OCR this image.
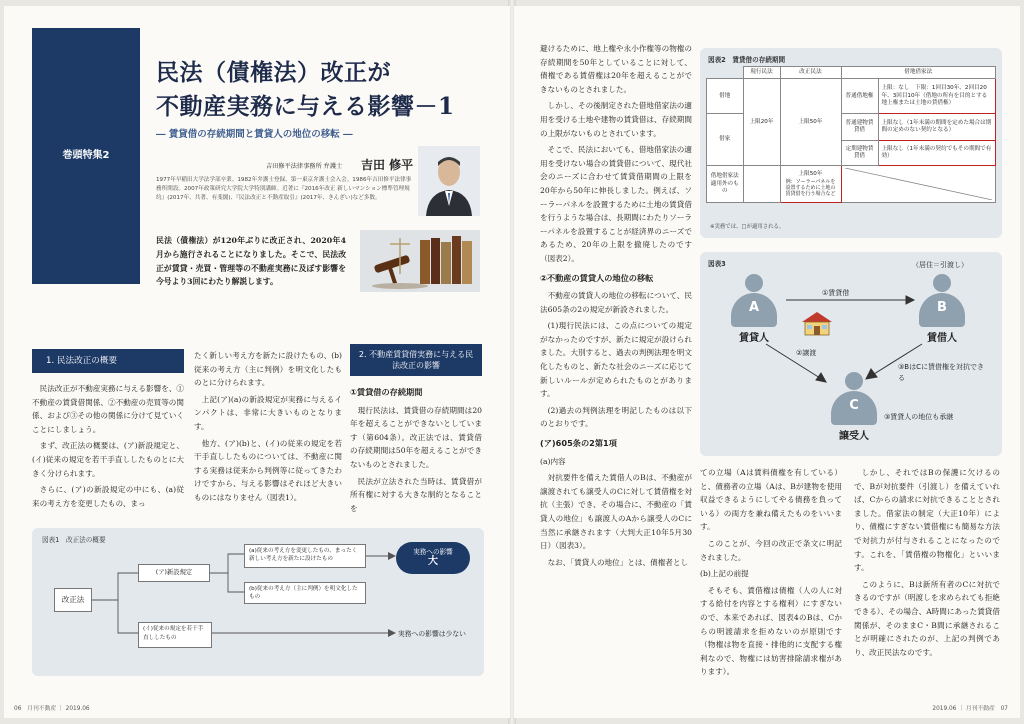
巻頭特集2
民法（債権法）改正が
不動産実務に与える影響－1
― 賃貸借の存続期間と賃貸人の地位の移転 ―
吉田修平法律事務所 弁護士 吉田 修平
1977年早稲田大学法学部卒業。1982年弁護士登録、第一東京弁護士会入会。1986年吉田修平法律事務所開設。2007年政策研究大学院大学特別講師。近著に『2016年改正 新しいマンション標準管理規約』(2017年、共著、有斐閣)、『民法改正と不動産取引』(2017年、きんざい)など多数。
民法（債権法）が120年ぶりに改正され、2020年4月から施行されることになりました。そこで、民法改正が賃貸・売買・管理等の不動産実務に及ぼす影響を今号より3回にわたり解説します。
1. 民法改正の概要

民法改正が不動産実務に与える影響を、①不動産の賃貸借関係、②不動産の売買等の関係、および③その他の関係に分けて見ていくことにしましょう。

まず、改正法の概要は、(ア)新設規定と、(イ)従来の規定を若干手直ししたものとに大きく分けられます。

さらに、(ア)の新設規定の中にも、(a)従来の考え方を変更したもの、まっ

たく新しい考え方を新たに設けたもの、(b)従来の考え方（主に判例）を明文化したものとに分けられます。

上記(ア)(a)の新設規定が実務に与えるインパクトは、非常に大きいものとなります。

他方、(ア)(b)と、(イ)の従来の規定を若干手直ししたものについては、不動産に関する実務は従来から判例等に従ってきたわけですから、与える影響はそれほど大きいものにはなりません（図表1）。

2. 不動産賃貸借実務に与える民法改正の影響
①賃貸借の存続期間

現行民法は、賃貸借の存続期間は20年を超えることができないとしています（第604条）。改正法では、賃貸借の存続期間は50年を超えることができないものとされました。

民法が立法された当時は、賃貸借が所有権に対する大きな制約となることを

図表1　改正法の概要
改正法
(ア)新設規定
(a)従来の考え方を変更したもの、まったく新しい考え方を新たに設けたもの
(b)従来の考え方（主に判例）を明文化したもの
(イ)従来の規定を若干手直ししたもの
実務への影響
大
実務への影響は少ない
06　月刊不動産 ｜ 2019.06

避けるために、地上権や永小作権等の物権の存続期間を50年としていることに対して、債権である賃借権は20年を超えることができないものとされました。

しかし、その後制定された借地借家法の適用を受ける土地や建物の賃貸借は、存続期間の上限がないものとされています。

そこで、民法においても、借地借家法の適用を受けない場合の賃貸借について、現代社会のニーズに合わせて賃貸借期間の上限を20年から50年に伸長しました。例えば、ソーラーパネルを設置するために土地の賃貸借を行うような場合は、長期間にわたりソーラーパネルを設置することが経済界のニーズであるため、20年の上限を撤廃したのです（図表2）。

②不動産の賃貸人の地位の移転

不動産の賃貸人の地位の移転について、民法605条の2の規定が新設されました。

(1)現行民法には、この点についての規定がなかったのですが、新たに規定が設けられました。大別すると、過去の判例法理を明文化したものと、新たな社会のニーズに応じて新しいルールが定められたものとがあります。

(2)過去の判例法理を明記したものは以下のとおりです。

(ア)605条の2第1項

(a)内容

対抗要件を備えた賃借人のBは、不動産が譲渡されても譲受人のCに対して賃借権を対抗（主張）でき、その場合に、不動産の「賃貸人の地位」も譲渡人のAから譲受人のCに当然に承継されます（大判大正10年5月30日）（図表3）。

なお、「賃貸人の地位」とは、債権者とし

図表2　賃貸借の存続期間
	現行民法	改正民法	借地借家法	
借地	上限20年	上限50年	普通借地権	上限：なし　下限：1回目30年、2回目20年、3回目10年（借地の所有を目的とする地上権または土地の賃借権）
借家			普通建物賃貸借	上限なし（1年未満の期間を定めた場合は期間の定めのない契約となる）
			定期建物賃貸借	上限なし（1年未満の契約でもその期間で有効）
借地借家法適用外のもの		上限50年
例：ソーラーパネルを設置するために土地の賃貸借を行う場合など

※実務では、□が適用される。
図表3	（居住＝引渡し）
A
賃貸人
B
賃借人
C
譲受人
①賃貸借
②譲渡
③BはCに賃借権を対抗できる
③賃貸人の地位も承継

ての立場（Aは賃料債権を有している）と、債務者の立場（Aは、Bが建物を使用収益できるようにしてやる債務を負っている）の両方を兼ね備えたものをいいます。

このことが、今回の改正で条文に明記されました。

(b)上記の前提

そもそも、賃借権は債権（人の人に対する給付を内容とする権利）にすぎないので、本来であれば、図表4のBは、Cからの明渡請求を拒めないのが原則です（物権は物を直接・排他的に支配する権利なので、物権には妨害排除請求権があります）。

しかし、それではBの保護に欠けるので、Bが対抗要件（引渡し）を備えていれば、Cからの請求に対抗できることとされました。借家法の制定（大正10年）により、債権にすぎない賃借権にも簡易な方法で対抗力が付与されることになったのです。これを、「賃借権の物権化」といいます。

このように、Bは新所有者のCに対抗できるのですが（明渡しを求められても拒絶できる）、その場合、A時間にあった賃貸借関係が、そのままC・B間に承継されることが明確にされたのが、上記の判例であり、改正民法なのです。

2019.06 ｜ 月刊不動産　07
